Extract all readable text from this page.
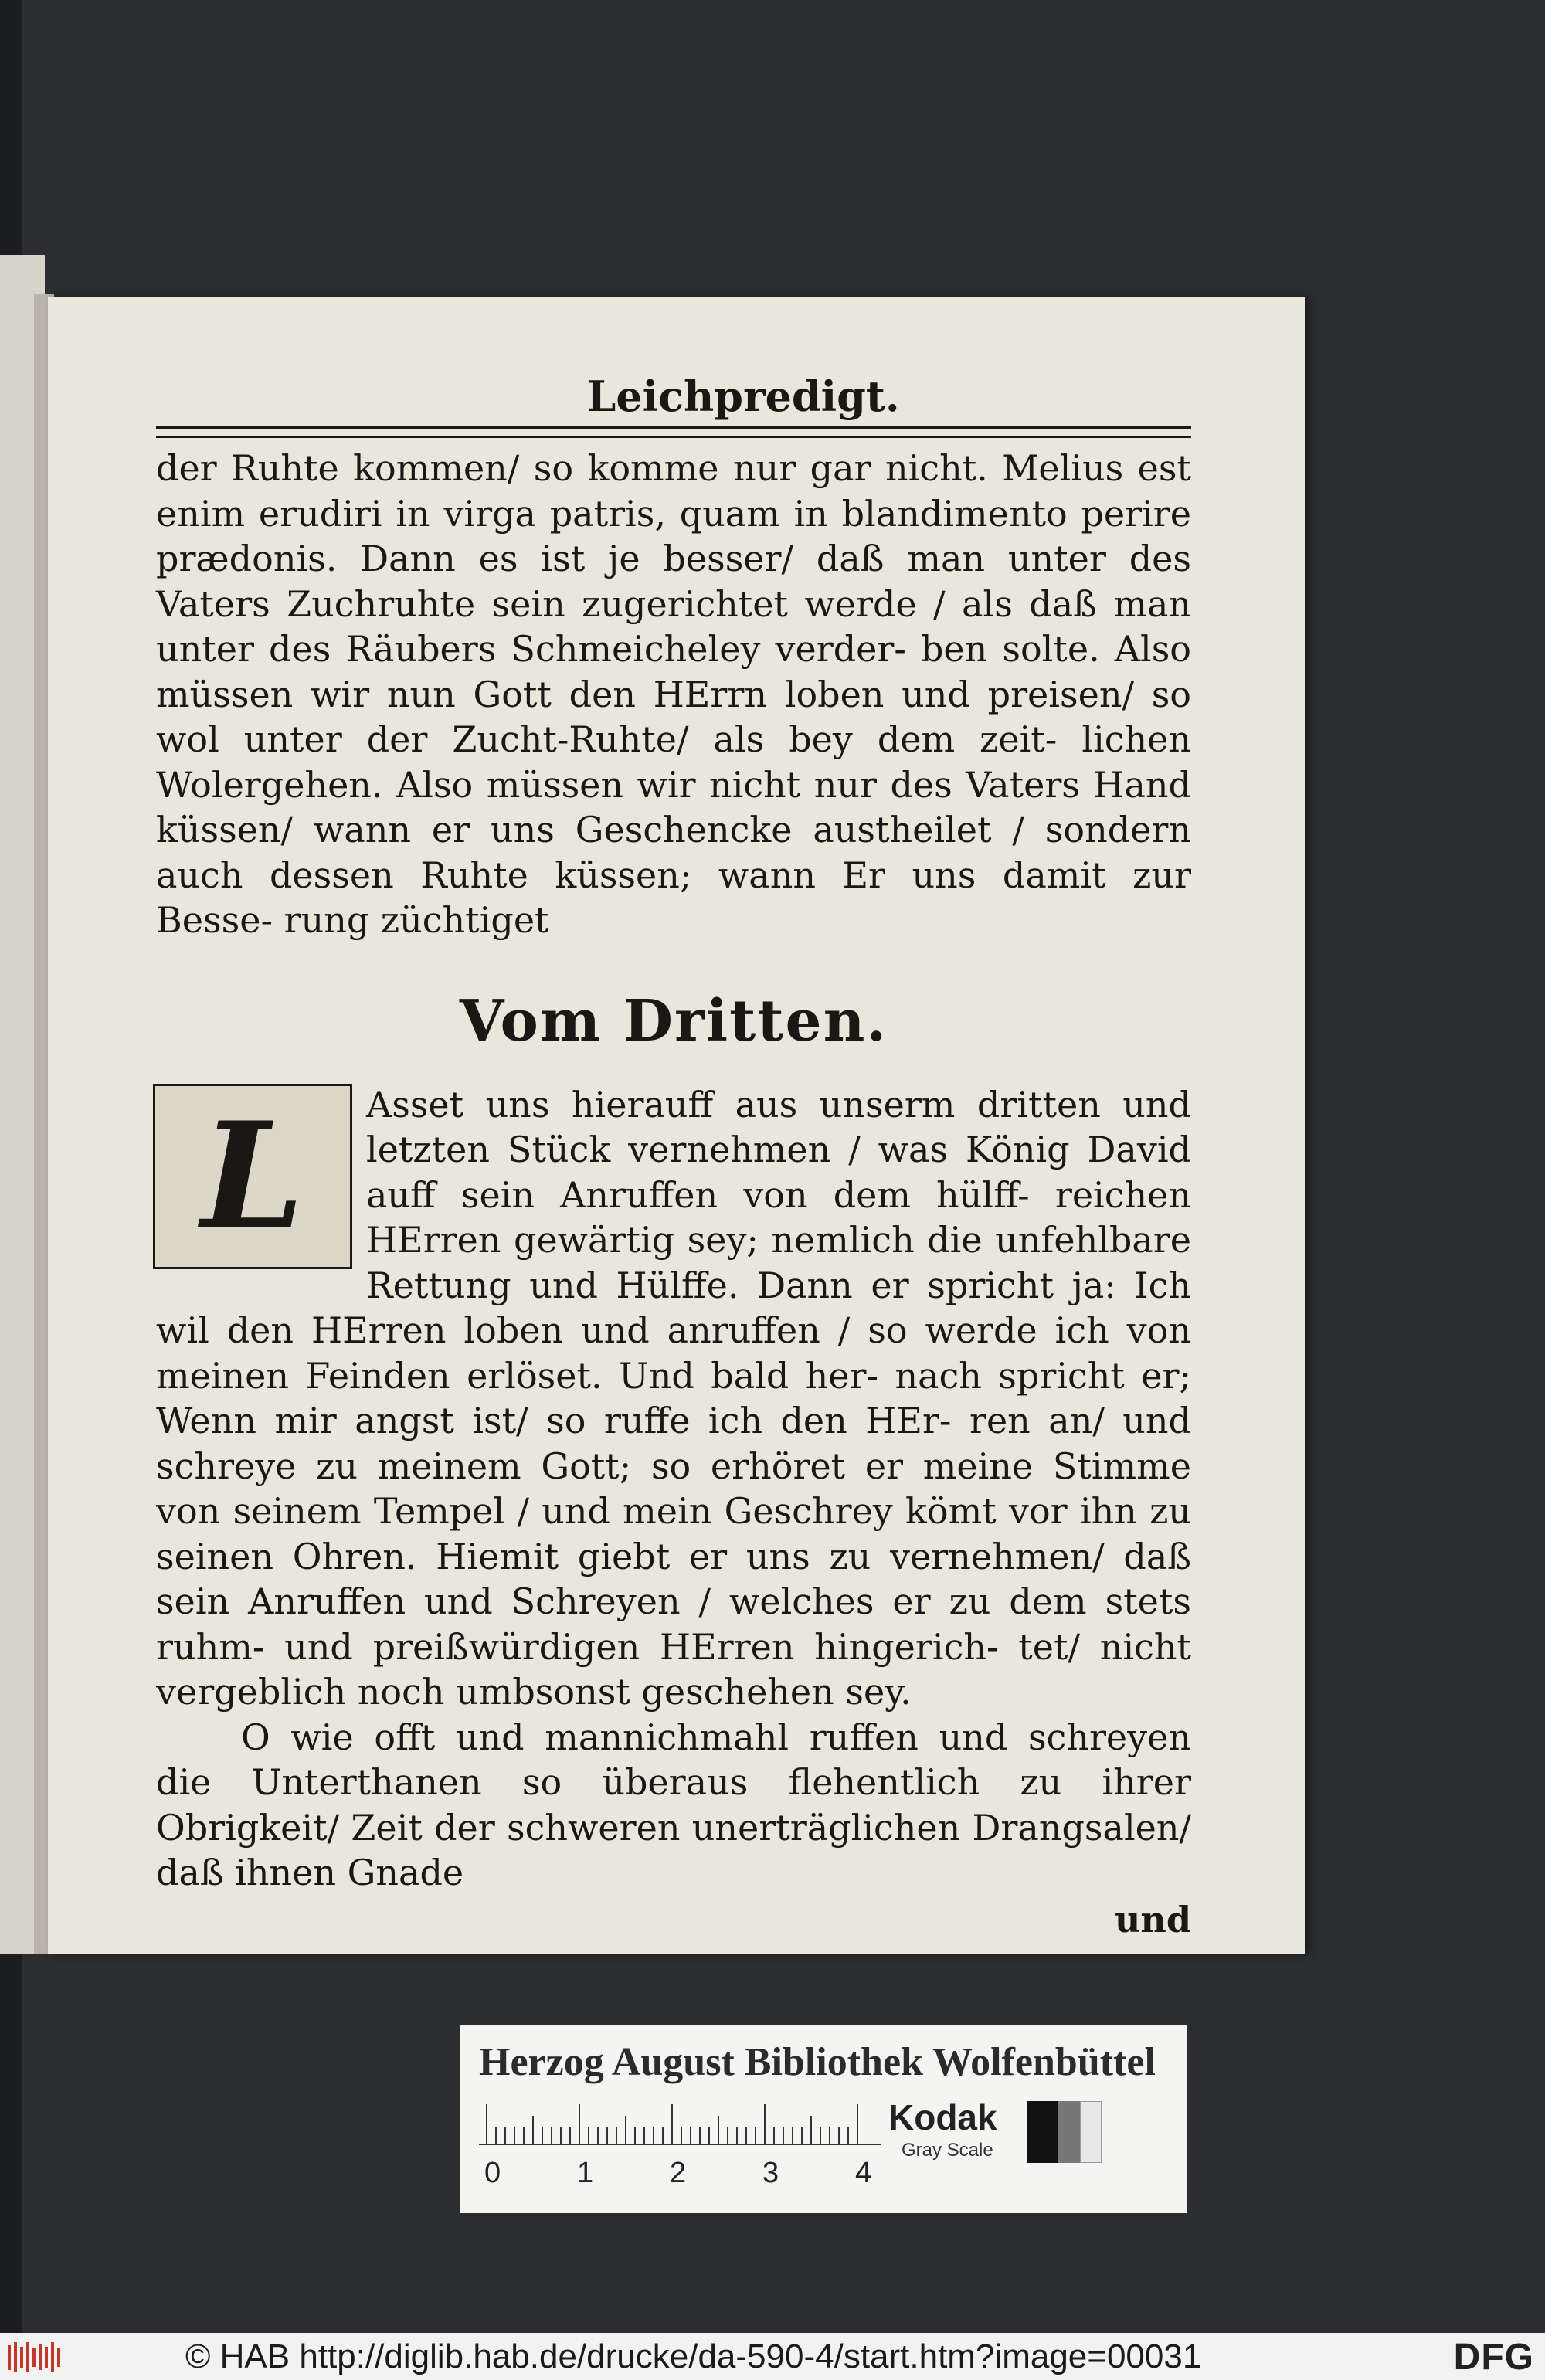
Leichpredigt.

der Ruhte kommen/ so komme nur gar nicht. Melius est enim erudiri in virga patris, quam in blandimento perire prædonis. Dann es ist je besser/ daß man unter des Vaters Zuchruhte sein zugerichtet werde / als daß man unter des Räubers Schmeicheley verder- ben solte. Also müssen wir nun Gott den HErrn loben und preisen/ so wol unter der Zucht-Ruhte/ als bey dem zeit- lichen Wolergehen. Also müssen wir nicht nur des Vaters Hand küssen/ wann er uns Geschencke austheilet / sondern auch dessen Ruhte küssen; wann Er uns damit zur Besse- rung züchtiget

Vom Dritten.
L	Asset uns hierauff aus unserm dritten und letzten Stück vernehmen / was König David auff sein Anruffen von dem hülff- reichen HErren gewärtig sey; nemlich die unfehlbare Rettung und Hülffe. Dann er spricht ja: Ich wil den HErren loben und anruffen / so werde ich von meinen Feinden erlöset. Und bald her- nach spricht er; Wenn mir angst ist/ so ruffe ich den HEr- ren an/ und schreye zu meinem Gott; so erhöret er meine Stimme von seinem Tempel / und mein Geschrey kömt vor ihn zu seinen Ohren. Hiemit giebt er uns zu vernehmen/ daß sein Anruffen und Schreyen / welches er zu dem stets ruhm- und preißwürdigen HErren hingerich- tet/ nicht vergeblich noch umbsonst geschehen sey.

O wie offt und mannichmahl ruffen und schreyen die Unterthanen so überaus flehentlich zu ihrer Obrigkeit/ Zeit der schweren unerträglichen Drangsalen/ daß ihnen Gnade

und
Herzog August Bibliothek Wolfenbüttel
0	1	2	3	4
Kodak
Gray Scale
© HAB http://diglib.hab.de/drucke/da-590-4/start.htm?image=00031	DFG
